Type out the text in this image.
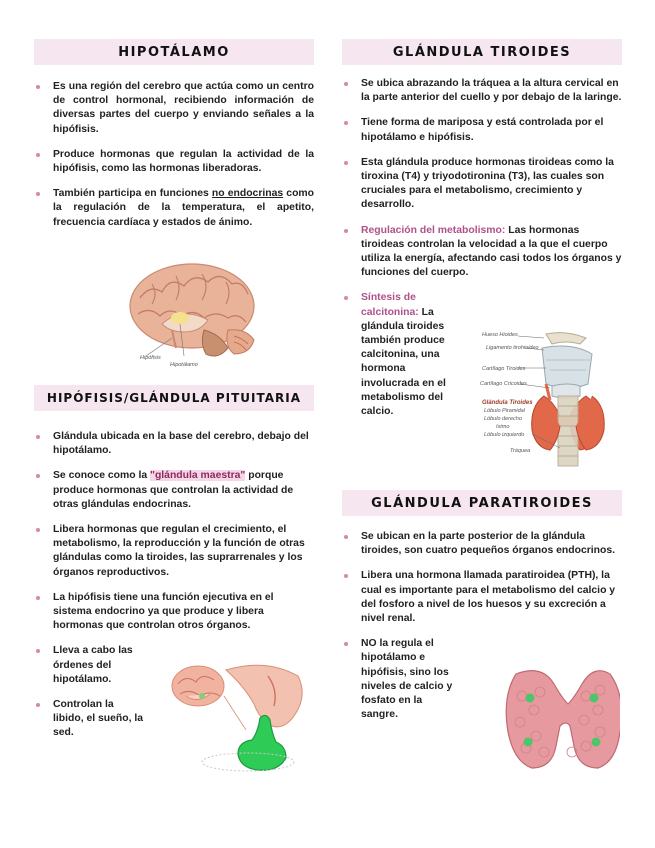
HIPOTÁLAMO
Es una región del cerebro que actúa como un centro de control hormonal, recibiendo información de diversas partes del cuerpo y enviando señales a la hipófisis.
Produce hormonas que regulan la actividad de la hipófisis, como las hormonas liberadoras.
También participa en funciones no endocrinas como la regulación de la temperatura, el apetito, frecuencia cardíaca y estados de ánimo.
Hipófisis
Hipotálamo
HIPÓFISIS/GLÁNDULA PITUITARIA
Glándula ubicada en la base del cerebro, debajo del hipotálamo.
Se conoce como la "glándula maestra" porque produce hormonas que controlan la actividad de otras glándulas endocrinas.
Libera hormonas que regulan el crecimiento, el metabolismo, la reproducción y la función de otras glándulas como la tiroides, las suprarrenales y los órganos reproductivos.
La hipófisis tiene una función ejecutiva en el sistema endocrino ya que produce y libera hormonas que controlan otros órganos.
Lleva a cabo las órdenes del hipotálamo.
Controlan la libido, el sueño, la sed.
GLÁNDULA TIROIDES
Se ubica abrazando la tráquea a la altura cervical en la parte anterior del cuello y por debajo de la laringe.
Tiene forma de mariposa y está controlada por el hipotálamo e hipófisis.
Esta glándula produce hormonas tiroideas como la tiroxina (T4) y triyodotironina (T3), las cuales son cruciales para el metabolismo, crecimiento y desarrollo.
Regulación del metabolismo: Las hormonas tiroideas controlan la velocidad a la que el cuerpo utiliza la energía, afectando casi todos los órganos y funciones del cuerpo.
Síntesis de calcitonina: La glándula tiroides también produce calcitonina, una hormona involucrada en el metabolismo del calcio.
Hueso Hioides
Ligamento tirohioideo
Cartílago Tiroides
Cartílago Cricoides
Glándula Tiroides
Lóbulo Piramidal
Lóbulo derecho
Istmo
Lóbulo izquierdo
Tráquea
GLÁNDULA PARATIROIDES
Se ubican en la parte posterior de la glándula tiroides, son cuatro pequeños órganos endocrinos.
Libera una hormona llamada paratiroidea (PTH), la cual es importante para el metabolismo del calcio y del fosforo a nivel de los huesos y su excreción a nivel renal.
NO la regula el hipotálamo e hipófisis, sino los niveles de calcio y fosfato en la sangre.
